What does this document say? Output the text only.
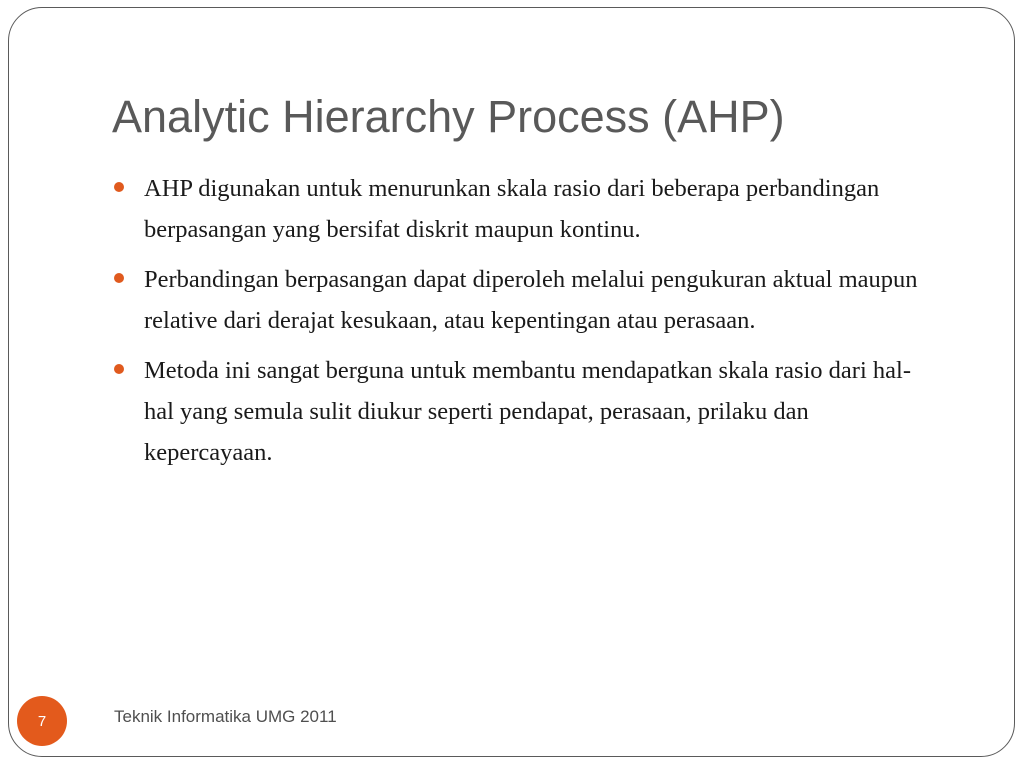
Analytic Hierarchy Process (AHP)
AHP digunakan untuk menurunkan skala rasio dari beberapa perbandingan berpasangan yang bersifat diskrit maupun kontinu.
Perbandingan berpasangan dapat diperoleh melalui pengukuran aktual maupun relative dari derajat kesukaan, atau kepentingan atau perasaan.
Metoda ini sangat berguna untuk membantu mendapatkan skala rasio dari hal-hal yang semula sulit diukur seperti pendapat, perasaan, prilaku dan kepercayaan.
7	Teknik Informatika UMG 2011
